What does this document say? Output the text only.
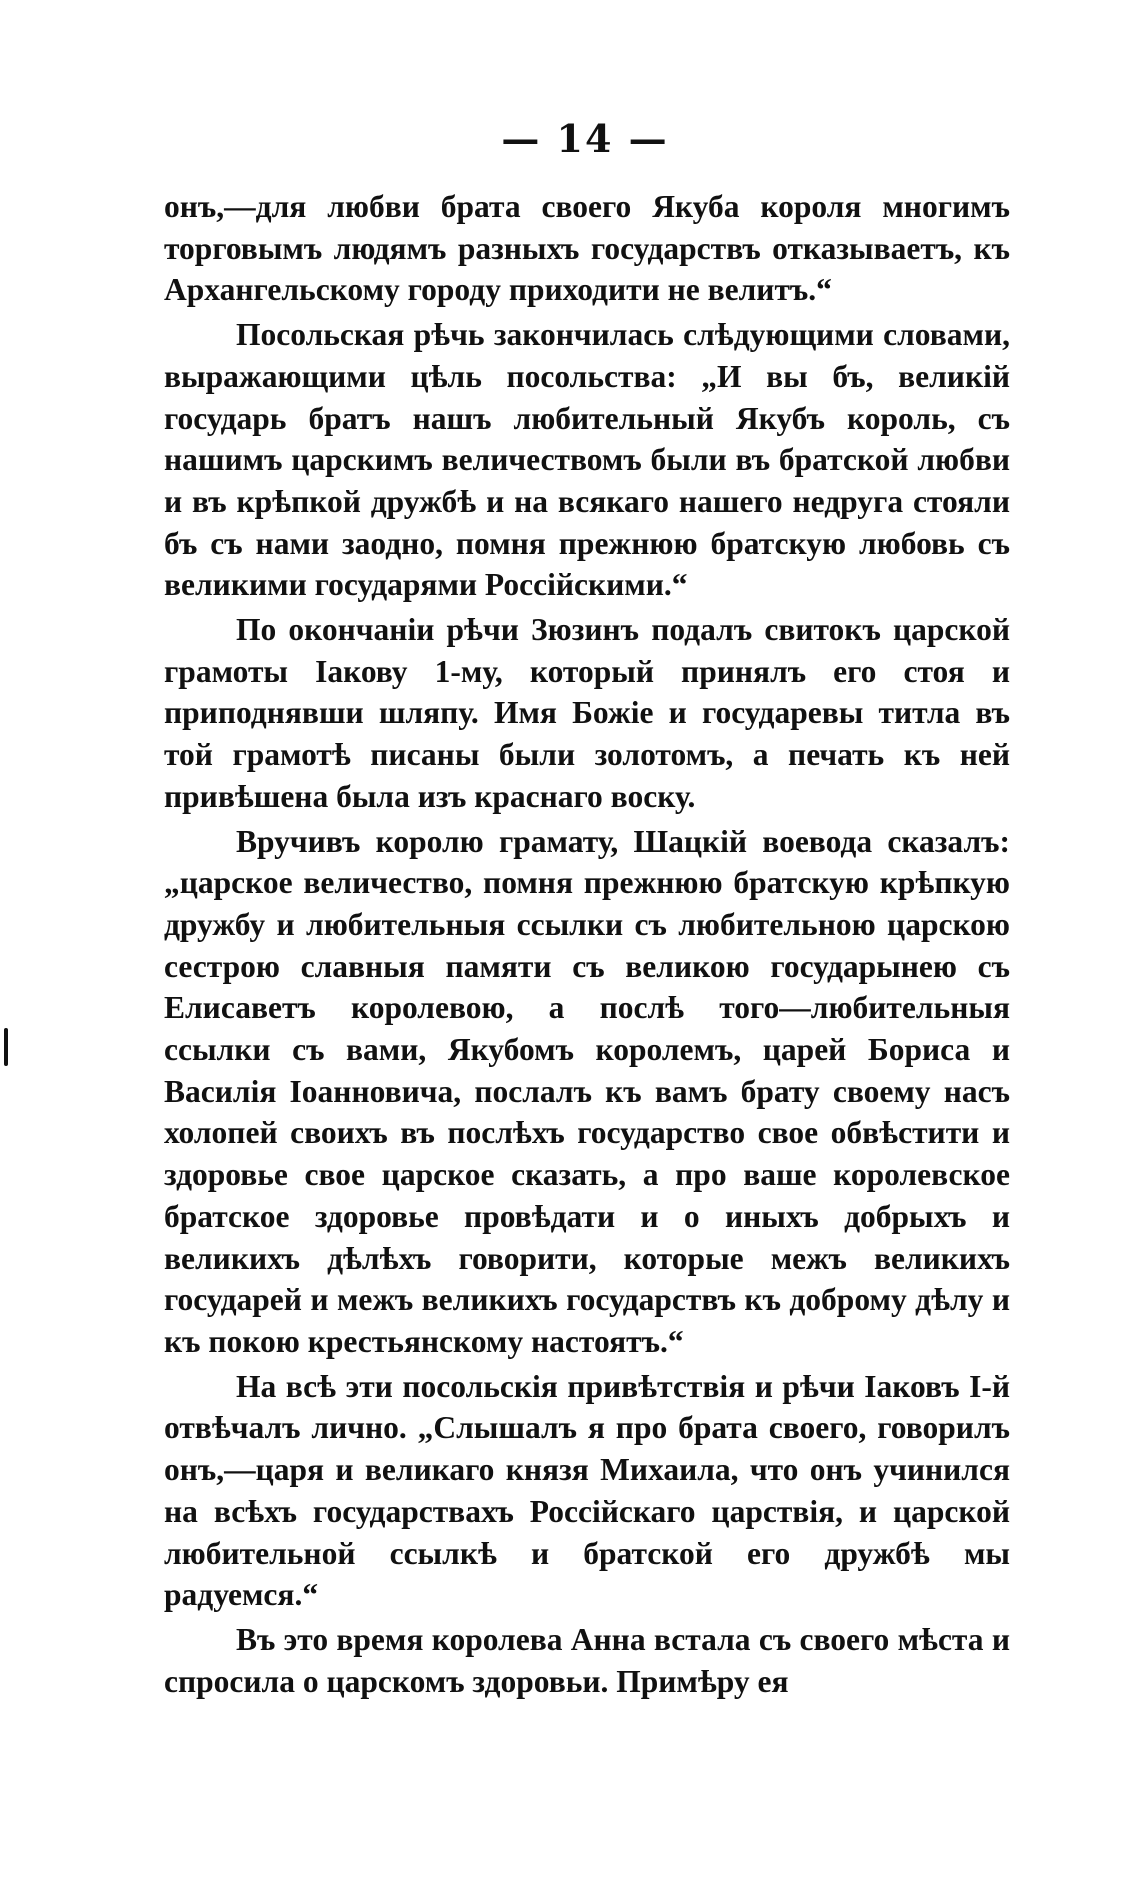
— 14 —

онъ,—для любви брата своего Якуба короля многимъ торговымъ людямъ разныхъ государствъ отказываетъ, къ Архангельскому городу приходити не велитъ.“

Посольская рѣчь закончилась слѣдующими словами, выражающими цѣль посольства: „И вы бъ, великій государь братъ нашъ любительный Якубъ король, съ нашимъ царскимъ величествомъ были въ братской любви и въ крѣпкой дружбѣ и на всякаго нашего недруга стояли бъ съ нами заодно, помня прежнюю братскую любовь съ великими государями Россійскими.“

По окончаніи рѣчи Зюзинъ подалъ свитокъ царской грамоты Іакову 1-му, который принялъ его стоя и приподнявши шляпу. Имя Божіе и государевы титла въ той грамотѣ писаны были золотомъ, а печать къ ней привѣшена была изъ краснаго воску.

Вручивъ королю грамату, Шацкій воевода сказалъ: „царское величество, помня прежнюю братскую крѣпкую дружбу и любительныя ссылки съ любительною царскою сестрою славныя памяти съ великою государынею съ Елисаветъ королевою, а послѣ того—любительныя ссылки съ вами, Якубомъ королемъ, царей Бориса и Василія Іоанновича, послалъ къ вамъ брату своему насъ холопей своихъ въ послѣхъ государство свое обвѣстити и здоровье свое царское сказать, а про ваше королевское братское здоровье провѣдати и о иныхъ добрыхъ и великихъ дѣлѣхъ говорити, которые межъ великихъ государей и межъ великихъ государствъ къ доброму дѣлу и къ покою крестьянскому настоятъ.“

На всѣ эти посольскія привѣтствія и рѣчи Іаковъ І-й отвѣчалъ лично. „Слышалъ я про брата своего, говорилъ онъ,—царя и великаго князя Михаила, что онъ учинился на всѣхъ государствахъ Россійскаго царствія, и царской любительной ссылкѣ и братской его дружбѣ мы радуемся.“

Въ это время королева Анна встала съ своего мѣста и спросила о царскомъ здоровьи. Примѣру ея
